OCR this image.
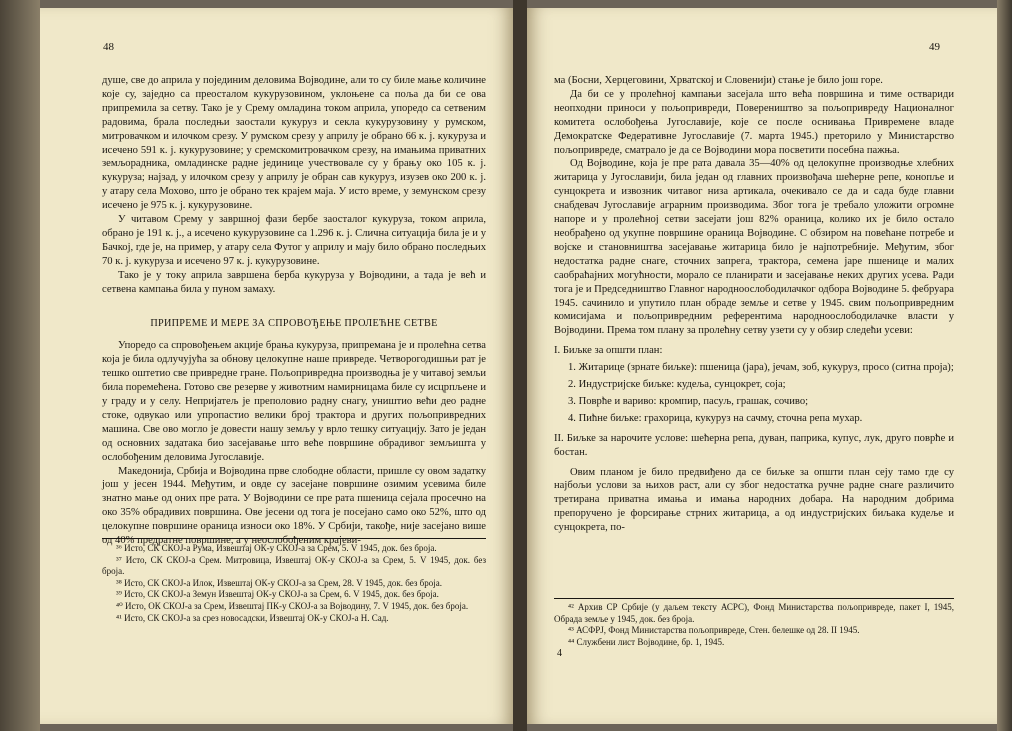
48

душе, све до априла у појединим деловима Војводине, али то су биле мање количине које су, заједно са преосталом кукурузовином, уклоњене са поља да би се ова припремила за сетву. Тако је у Срему омладина током априла, упоредо са сетвеним радовима, брала последњи заостали кукуруз и секла кукурузовину у румском, митровачком и илочком срезу. У румском срезу у априлу је обрано 66 к. ј. кукуруза и исечено 591 к. ј. кукурузовине; у сремскомитровачком срезу, на имањима приватних земљорадника, омладинске радне јединице учествовале су у брању око 105 к. ј. кукуруза; најзад, у илочком срезу у априлу је обран сав кукуруз, изузев око 200 к. ј. у атару села Мохово, што је обрано тек крајем маја. У исто време, у земунском срезу исечено је 975 к. ј. кукурузовине.

У читавом Срему у завршној фази бербе заосталог кукуруза, током априла, обрано је 191 к. ј., а исечено кукурузовине са 1.296 к. ј. Слична ситуација била је и у Бачкој, где је, на пример, у атару села Футог у априлу и мају било обрано последњих 70 к. ј. кукуруза и исечено 97 к. ј. кукурузовине.

Тако је у току априла завршена берба кукуруза у Војводини, а тада је већ и сетвена кампања била у пуном замаху.

ПРИПРЕМЕ И МЕРЕ ЗА СПРОВОЂЕЊЕ ПРОЛЕЋНЕ СЕТВЕ

Упоредо са спровођењем акције брања кукуруза, припремана је и пролећна сетва која је била одлучујућа за обнову целокупне наше привреде. Четворогодишњи рат је тешко оштетио све привредне гране. Пољопривредна производња је у читавој земљи била поремећена. Готово све резерве у животним намирницама биле су исцрпљене и у граду и у селу. Непријатељ је преполовио радну снагу, уништио већи део радне стоке, одвукао или упропастио велики број трактора и других пољопривредних машина. Све ово могло је довести нашу земљу у врло тешку ситуацију. Зато је један од основних задатака био засејавање што веће површине обрадивог земљишта у ослобођеним деловима Југославије.

Македонија, Србија и Војводина прве слободне области, пришле су овом задатку још у јесен 1944. Међутим, и овде су засејане површине озимим усевима биле знатно мање од оних пре рата. У Војводини се пре рата пшеница сејала просечно на око 35% обрадивих површина. Ове јесени од тога је посејано само око 52%, што од целокупне површине ораница износи око 18%. У Србији, такође, није засејано више од 40% предратне површине, а у неослобођеним крајеви-

³⁶ Исто, СК СКОЈ-а Рума, Извештај ОК-у СКОЈ-а за Срем, 5. V 1945, док. без броја.
³⁷ Исто, СК СКОЈ-а Срем. Митровица, Извештај ОК-у СКОЈ-а за Срем, 5. V 1945, док. без броја.
³⁸ Исто, СК СКОЈ-а Илок, Извештај ОК-у СКОЈ-а за Срем, 28. V 1945, док. без броја.
³⁹ Исто, СК СКОЈ-а Земун Извештај ОК-у СКОЈ-а за Срем, 6. V 1945, док. без броја.
⁴⁰ Исто, ОК СКОЈ-а за Срем, Извештај ПК-у СКОЈ-а за Војводину, 7. V 1945, док. без броја.
⁴¹ Исто, СК СКОЈ-а за срез новосадски, Извештај ОК-у СКОЈ-а Н. Сад.
49

ма (Босни, Херцеговини, Хрватској и Словенији) стање је било још горе.

Да би се у пролећној кампањи засејала што већа површина и тиме оствариди неопходни приноси у пољопривреди, Повереништво за пољопривреду Националног комитета ослобођења Југославије, које се после оснивања Привремене владе Демократске Федеративне Југославије (7. марта 1945.) преторило у Министарство пољопривреде, сматрало је да се Војводини мора посветити посебна пажња.

Од Војводине, која је пре рата давала 35—40% од целокупне производње хлебних житарица у Југославији, била један од главних произвођача шећерне репе, конопље и сунцокрета и извозник читавог низа артикала, очекивало се да и сада буде главни снабдевач Југославије аграрним производима. Због тога је требало уложити огромне напоре и у пролећној сетви засејати још 82% ораница, колико их је било остало необрађено од укупне површине ораница Војводине. С обзиром на повећане потребе и војске и становништва засејавање житарица било је најпотребније. Међутим, због недостатка радне снаге, сточних запрега, трактора, семена јаре пшенице и малих саобраћајних могућности, морало се планирати и засејавање неких других усева. Ради тога је и Председништво Главног народноослободилачког одбора Војводине 5. фебруара 1945. сачинило и упутило план обраде земље и сетве у 1945. свим пољопривредним комисијама и пољопривредним референтима народноослободилачке власти у Војводини. Према том плану за пролећну сетву узети су у обзир следећи усеви:

I. Биљке за општи план:
1. Житарице (зрнате биљке): пшеница (јара), јечам, зоб, кукуруз, просо (ситна проја);
2. Индустријске биљке: кудеља, сунцокрет, соја;
3. Поврће и вариво: кромпир, пасуљ, грашак, сочиво;
4. Пићне биљке: грахорица, кукуруз на сачму, сточна репа мухар.
II. Биљке за нарочите услове: шећерна репа, дуван, паприка, купус, лук, друго поврће и бостан.

Овим планом је било предвиђено да се биљке за општи план сеју тамо где су најбољи услови за њихов раст, али су због недостатка ручне радне снаге различито третирана приватна имања и имања народних добара. На народним добрима препоручено је форсирање стрних житарица, а од индустријских биљака кудеље и сунцокрета, по-

⁴² Архив СР Србије (у даљем тексту АСРС), Фонд Министарства пољопривреде, пакет I, 1945, Обрада земље у 1945, док. без броја.
⁴³ АСФРЈ, Фонд Министарства пољопривреде, Стен. белешке од 28. II 1945.
⁴⁴ Службени лист Војводине, бр. 1, 1945.
4
